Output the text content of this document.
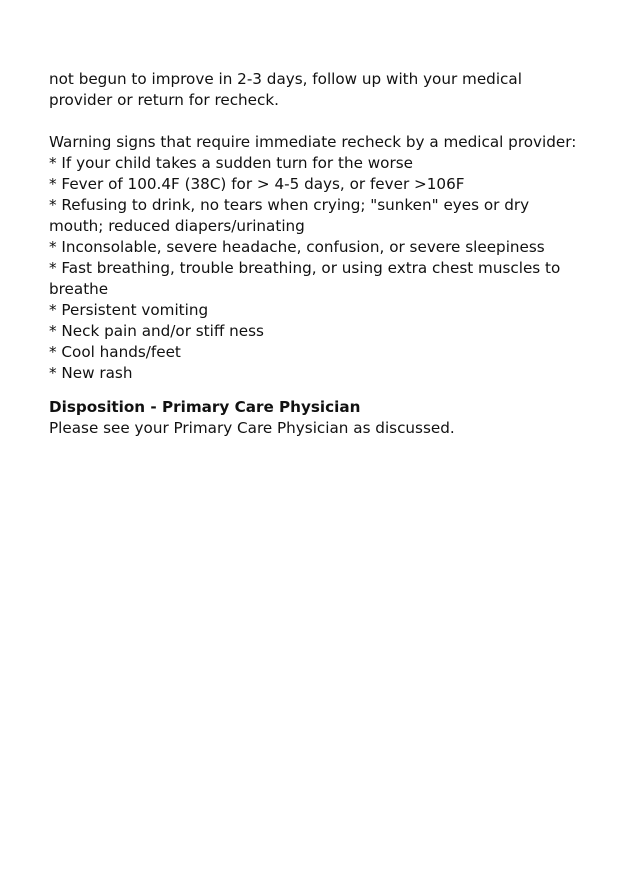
not begun to improve in 2-3 days, follow up with your medical
provider or return for recheck.
Warning signs that require immediate recheck by a medical provider:
* If your child takes a sudden turn for the worse
* Fever of 100.4F (38C) for > 4-5 days, or fever >106F
* Refusing to drink, no tears when crying; "sunken" eyes or dry
mouth; reduced diapers/urinating
* Inconsolable, severe headache, confusion, or severe sleepiness
* Fast breathing, trouble breathing, or using extra chest muscles to
breathe
* Persistent vomiting
* Neck pain and/or stiff ness
* Cool hands/feet
* New rash
Disposition - Primary Care Physician
Please see your Primary Care Physician as discussed.
